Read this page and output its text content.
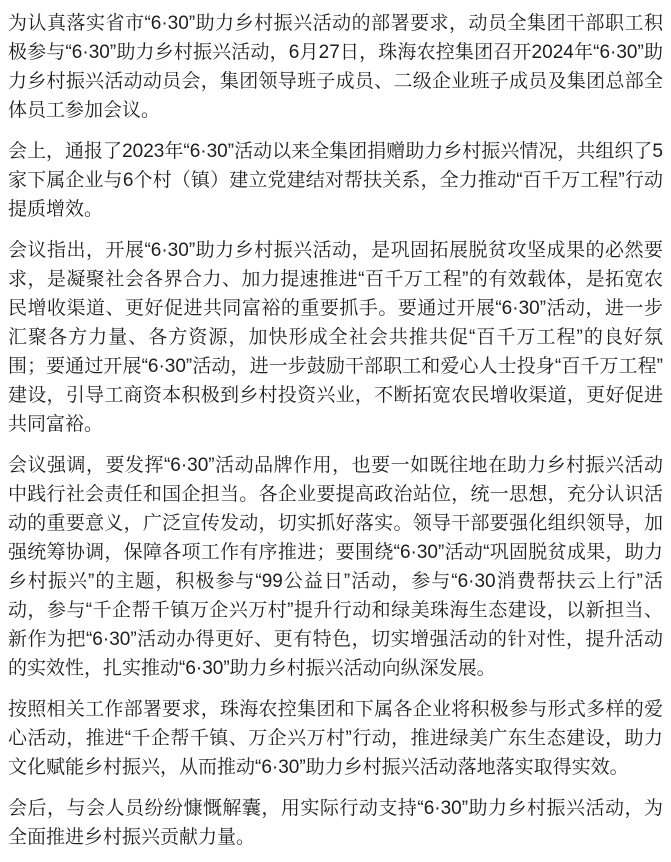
为认真落实省市“6·30”助力乡村振兴活动的部署要求，动员全集团干部职工积极参与“6·30”助力乡村振兴活动，6月27日，珠海农控集团召开2024年“6·30”助力乡村振兴活动动员会，集团领导班子成员、二级企业班子成员及集团总部全体员工参加会议。

会上，通报了2023年“6·30”活动以来全集团捐赠助力乡村振兴情况，共组织了5家下属企业与6个村（镇）建立党建结对帮扶关系，全力推动“百千万工程”行动提质增效。

会议指出，开展“6·30”助力乡村振兴活动，是巩固拓展脱贫攻坚成果的必然要求，是凝聚社会各界合力、加力提速推进“百千万工程”的有效载体，是拓宽农民增收渠道、更好促进共同富裕的重要抓手。要通过开展“6·30”活动，进一步汇聚各方力量、各方资源，加快形成全社会共推共促“百千万工程”的良好氛围；要通过开展“6·30”活动，进一步鼓励干部职工和爱心人士投身“百千万工程”建设，引导工商资本积极到乡村投资兴业，不断拓宽农民增收渠道，更好促进共同富裕。

会议强调，要发挥“6·30”活动品牌作用，也要一如既往地在助力乡村振兴活动中践行社会责任和国企担当。各企业要提高政治站位，统一思想，充分认识活动的重要意义，广泛宣传发动，切实抓好落实。领导干部要强化组织领导，加强统筹协调，保障各项工作有序推进；要围绕“6·30”活动“巩固脱贫成果，助力乡村振兴”的主题，积极参与“99公益日”活动，参与“6·30消费帮扶云上行”活动，参与“千企帮千镇万企兴万村”提升行动和绿美珠海生态建设，以新担当、新作为把“6·30”活动办得更好、更有特色，切实增强活动的针对性，提升活动的实效性，扎实推动“6·30”助力乡村振兴活动向纵深发展。

按照相关工作部署要求，珠海农控集团和下属各企业将积极参与形式多样的爱心活动，推进“千企帮千镇、万企兴万村”行动，推进绿美广东生态建设，助力文化赋能乡村振兴，从而推动“6·30”助力乡村振兴活动落地落实取得实效。

会后，与会人员纷纷慷慨解囊，用实际行动支持“6·30”助力乡村振兴活动，为全面推进乡村振兴贡献力量。
